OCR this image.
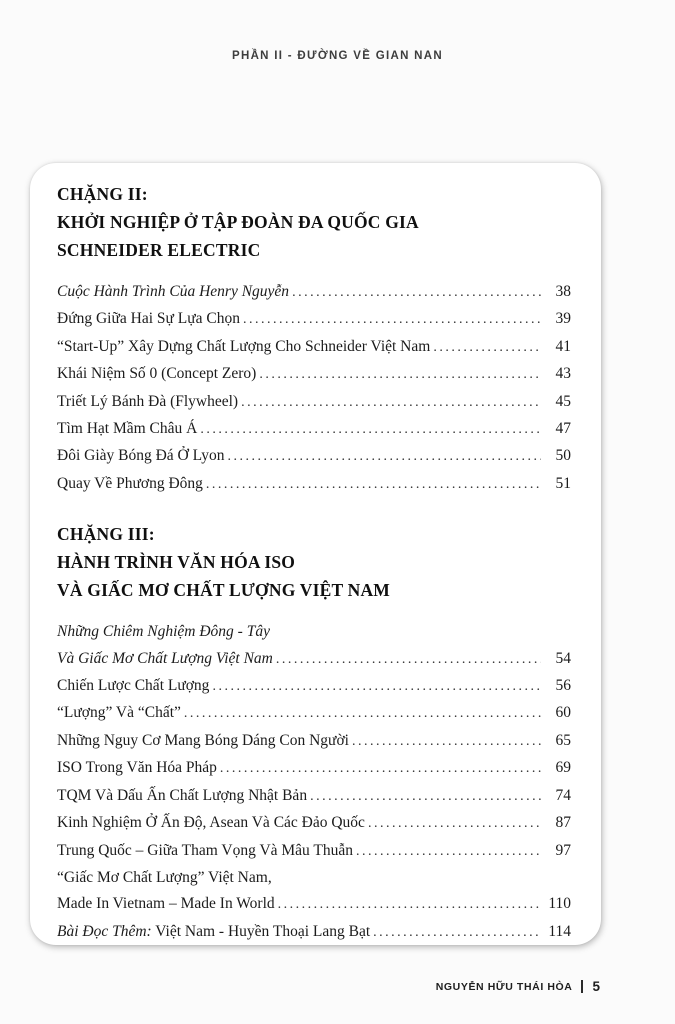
PHẦN II - ĐƯỜNG VỀ GIAN NAN
CHẶNG II:
KHỞI NGHIỆP Ở TẬP ĐOÀN ĐA QUỐC GIA
SCHNEIDER ELECTRIC
Cuộc Hành Trình Của Henry Nguyễn .....	38
Đứng Giữa Hai Sự Lựa Chọn .....	39
“Start-Up” Xây Dựng Chất Lượng Cho Schneider Việt Nam .....	41
Khái Niệm Số 0 (Concept Zero) .....	43
Triết Lý Bánh Đà (Flywheel) .....	45
Tìm Hạt Mầm Châu Á .....	47
Đôi Giày Bóng Đá Ở Lyon .....	50
Quay Về Phương Đông .....	51
CHẶNG III:
HÀNH TRÌNH VĂN HÓA ISO
VÀ GIẤC MƠ CHẤT LƯỢNG VIỆT NAM
Những Chiêm Nghiệm Đông - Tây
Và Giấc Mơ Chất Lượng Việt Nam .....	54
Chiến Lược Chất Lượng .....	56
“Lượng” Và “Chất” .....	60
Những Nguy Cơ Mang Bóng Dáng Con Người .....	65
ISO Trong Văn Hóa Pháp .....	69
TQM Và Dấu Ấn Chất Lượng Nhật Bản .....	74
Kinh Nghiệm Ở Ấn Độ, Asean Và Các Đảo Quốc .....	87
Trung Quốc – Giữa Tham Vọng Và Mâu Thuẫn .....	97
“Giấc Mơ Chất Lượng” Việt Nam,
Made In Vietnam – Made In World .....	110
Bài Đọc Thêm: Việt Nam - Huyền Thoại Lang Bạt .....	114
NGUYỄN HỮU THÁI HÒA 5
